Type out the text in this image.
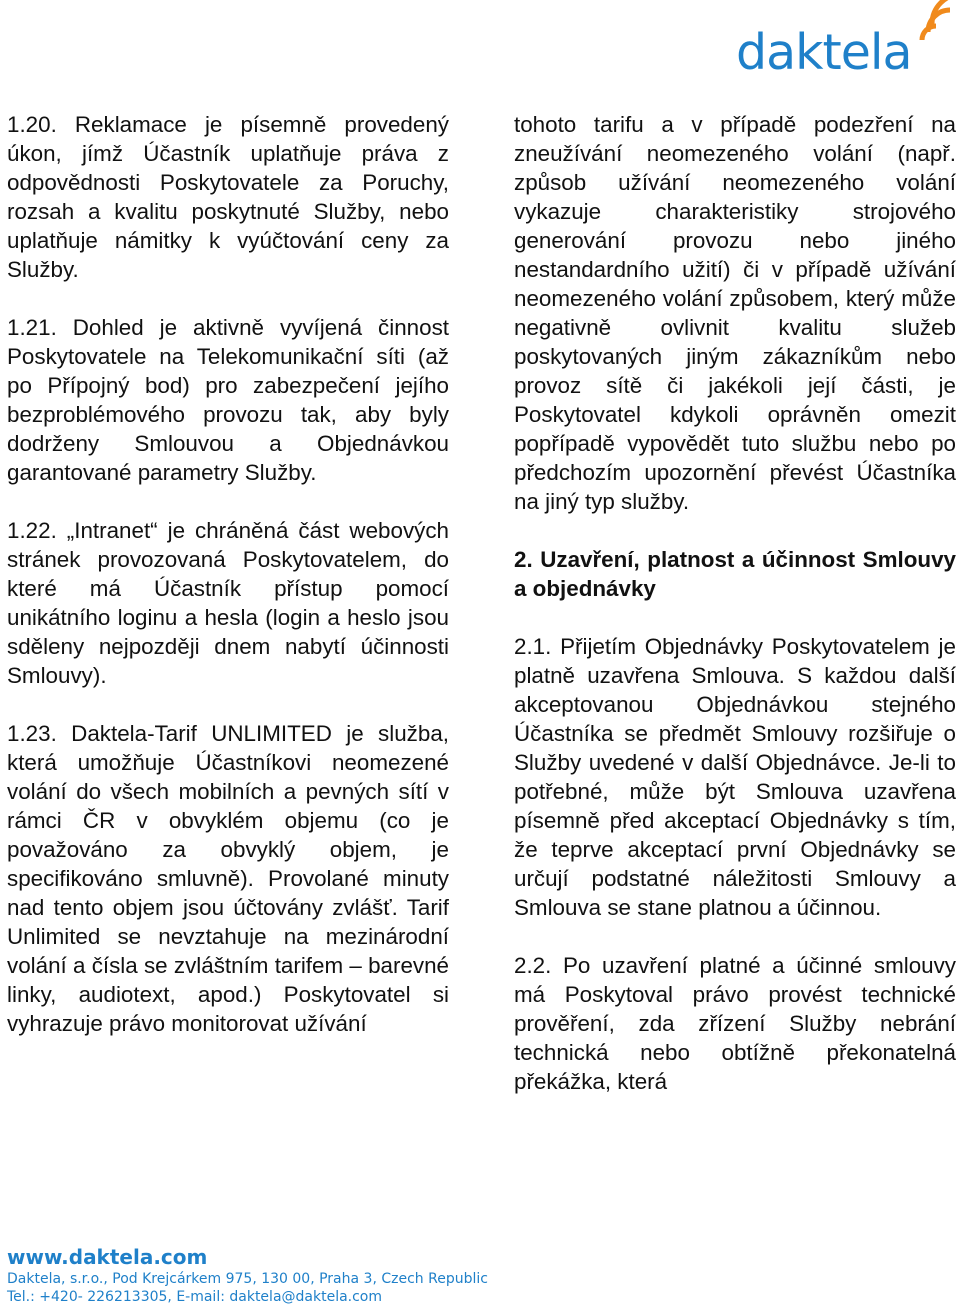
daktela

1.20. Reklamace je písemně provedený úkon, jímž Účastník uplatňuje práva z odpovědnosti Poskytovatele za Poruchy, rozsah a kvalitu poskytnuté Služby, nebo uplatňuje námitky k vyúčtování ceny za Služby.

1.21. Dohled je aktivně vyvíjená činnost Poskytovatele na Telekomunikační síti (až po Přípojný bod) pro zabezpečení jejího bezproblémového provozu tak, aby byly dodrženy Smlouvou a Objednávkou garantované parametry Služby.

1.22. „Intranet“ je chráněná část webových stránek provozovaná Poskytovatelem, do které má Účastník přístup pomocí unikátního loginu a hesla (login a heslo jsou sděleny nejpozději dnem nabytí účinnosti Smlouvy).

1.23. Daktela-Tarif UNLIMITED je služba, která umožňuje Účastníkovi neomezené volání do všech mobilních a pevných sítí v rámci ČR v obvyklém objemu (co je považováno za obvyklý objem, je specifikováno smluvně). Provolané minuty nad tento objem jsou účtovány zvlášť. Tarif Unlimited se nevztahuje na mezinárodní volání a čísla se zvláštním tarifem – barevné linky, audiotext, apod.) Poskytovatel si vyhrazuje právo monitorovat užívání

tohoto tarifu a v případě podezření na zneužívání neomezeného volání (např. způsob užívání neomezeného volání vykazuje charakteristiky strojového generování provozu nebo jiného nestandardního užití) či v případě užívání neomezeného volání způsobem, který může negativně ovlivnit kvalitu služeb poskytovaných jiným zákazníkům nebo provoz sítě či jakékoli její části, je Poskytovatel kdykoli oprávněn omezit popřípadě vypovědět tuto službu nebo po předchozím upozornění převést Účastníka na jiný typ služby.

2. Uzavření, platnost a účinnost Smlouvy a objednávky

2.1. Přijetím Objednávky Poskytovatelem je platně uzavřena Smlouva. S každou další akceptovanou Objednávkou stejného Účastníka se předmět Smlouvy rozšiřuje o Služby uvedené v další Objednávce. Je-li to potřebné, může být Smlouva uzavřena písemně před akceptací Objednávky s tím, že teprve akceptací první Objednávky se určují podstatné náležitosti Smlouvy a Smlouva se stane platnou a účinnou.

2.2. Po uzavření platné a účinné smlouvy má Poskytoval právo provést technické prověření, zda zřízení Služby nebrání technická nebo obtížně překonatelná překážka, která

www.daktela.com
Daktela, s.r.o., Pod Krejcárkem 975, 130 00, Praha 3, Czech Republic
Tel.: +420- 226213305, E-mail: daktela@daktela.com
